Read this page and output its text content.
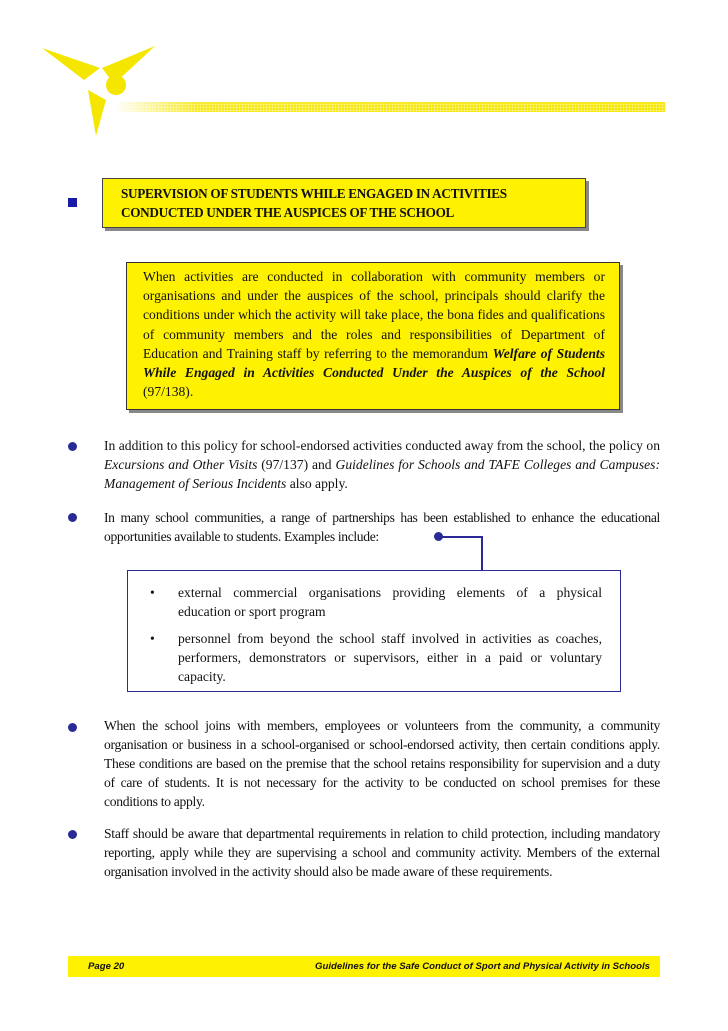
SUPERVISION OF STUDENTS WHILE ENGAGED IN ACTIVITIES
CONDUCTED UNDER THE AUSPICES OF THE SCHOOL

When activities are conducted in collaboration with community members or organisations and under the auspices of the school, principals should clarify the conditions under which the activity will take place, the bona fides and qualifications of community members and the roles and responsibilities of Department of Education and Training staff by referring to the memorandum Welfare of Students While Engaged in Activities Conducted Under the Auspices of the School (97/138).

In addition to this policy for school-endorsed activities conducted away from the school, the policy on Excursions and Other Visits (97/137) and Guidelines for Schools and TAFE Colleges and Campuses: Management of Serious Incidents also apply.

In many school communities, a range of partnerships has been established to enhance the educational opportunities available to students. Examples include:

• external commercial organisations providing elements of a physical education or sport program
• personnel from beyond the school staff involved in activities as coaches, performers, demonstrators or supervisors, either in a paid or voluntary capacity.

When the school joins with members, employees or volunteers from the community, a community organisation or business in a school-organised or school-endorsed activity, then certain conditions apply. These conditions are based on the premise that the school retains responsibility for supervision and a duty of care of students. It is not necessary for the activity to be conducted on school premises for these conditions to apply.

Staff should be aware that departmental requirements in relation to child protection, including mandatory reporting, apply while they are supervising a school and community activity. Members of the external organisation involved in the activity should also be made aware of these requirements.

Page 20	Guidelines for the Safe Conduct of Sport and Physical Activity in Schools
